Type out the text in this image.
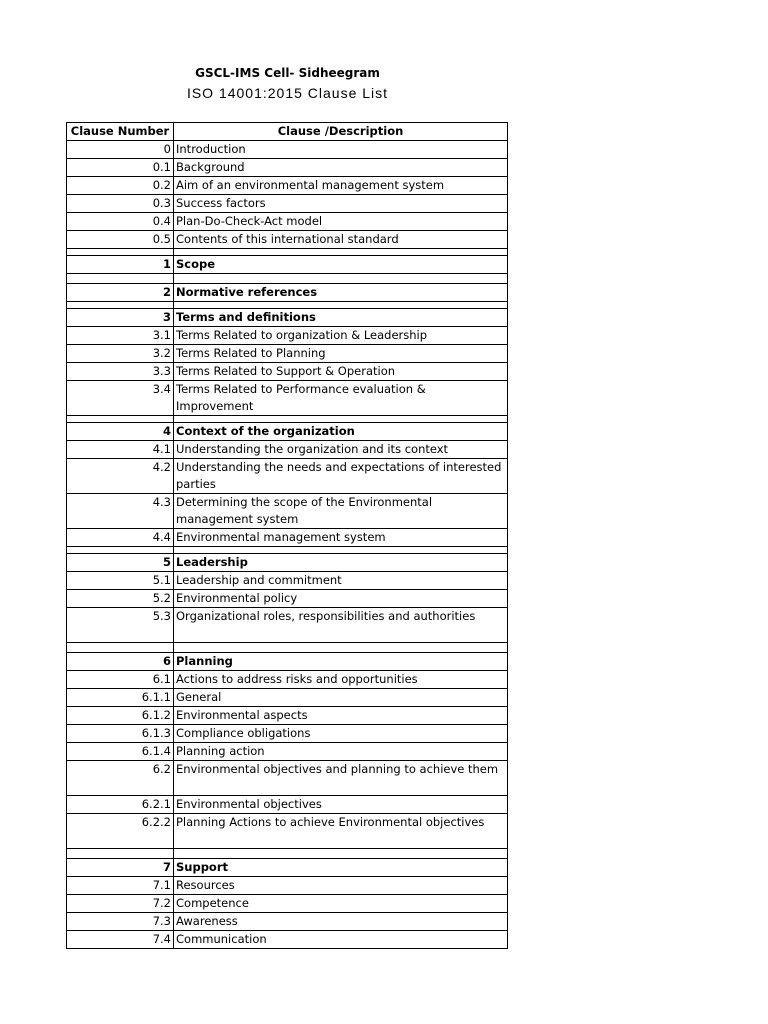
GSCL-IMS Cell- Sidheegram
ISO 14001:2015 Clause List
Clause Number	Clause /Description
0	Introduction
0.1	Background
0.2	Aim of an environmental management system
0.3	Success factors
0.4	Plan-Do-Check-Act model
0.5	Contents of this international standard

1	Scope

2	Normative references

3	Terms and definitions
3.1	Terms Related to organization & Leadership
3.2	Terms Related to Planning
3.3	Terms Related to Support & Operation
3.4	Terms Related to Performance evaluation & Improvement

4	Context of the organization
4.1	Understanding the organization and its context
4.2	Understanding the needs and expectations of interested parties
4.3	Determining the scope of the Environmental management system
4.4	Environmental management system

5	Leadership
5.1	Leadership and commitment
5.2	Environmental policy
5.3	Organizational roles, responsibilities and authorities

6	Planning
6.1	Actions to address risks and opportunities
6.1.1	General
6.1.2	Environmental aspects
6.1.3	Compliance obligations
6.1.4	Planning action
6.2	Environmental objectives and planning to achieve them
6.2.1	Environmental objectives
6.2.2	Planning Actions to achieve Environmental objectives

7	Support
7.1	Resources
7.2	Competence
7.3	Awareness
7.4	Communication
